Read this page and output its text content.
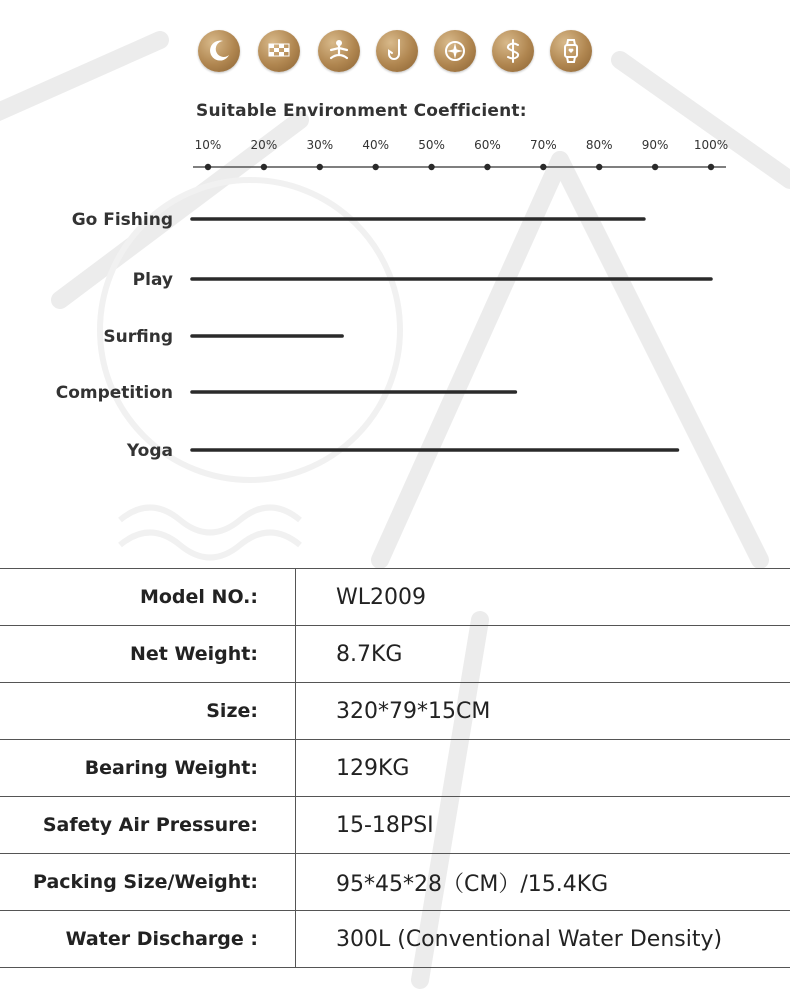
Suitable Environment Coefficient:
10% 20% 30% 40% 50% 60% 70% 80% 90% 100%
Go Fishing
Play
Surfing
Competition
Yoga
Model NO.:	WL2009
Net Weight:	8.7KG
Size:	320*79*15CM
Bearing Weight:	129KG
Safety Air Pressure:	15-18PSI
Packing Size/Weight:	95*45*28（CM）/15.4KG
Water Discharge :	300L (Conventional Water Density)
